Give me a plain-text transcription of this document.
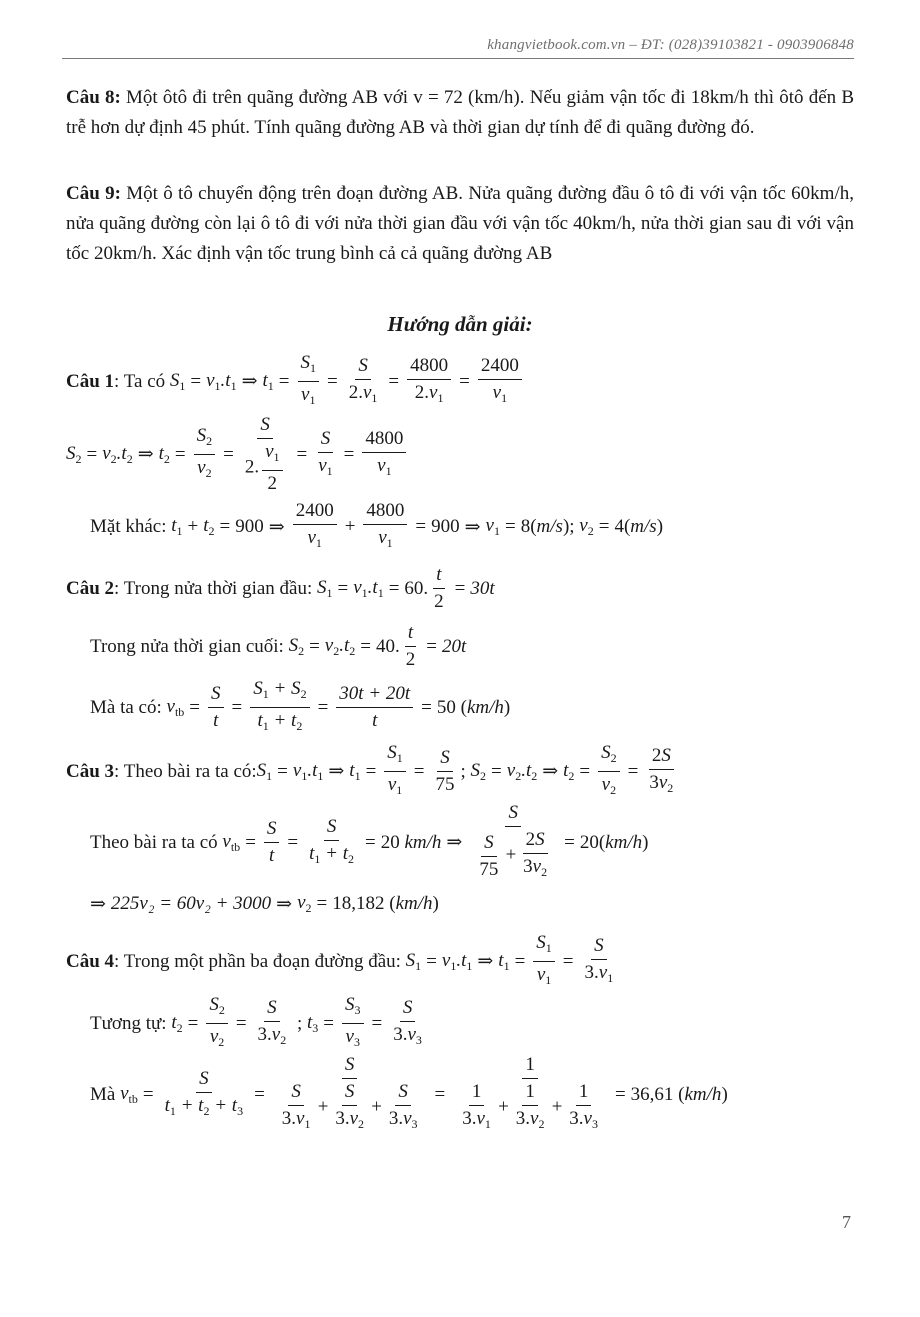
khangvietbook.com.vn – ĐT: (028)39103821 - 0903906848
Câu 8: Một ôtô đi trên quãng đường AB với v = 72 (km/h). Nếu giảm vận tốc đi 18km/h thì ôtô đến B trễ hơn dự định 45 phút. Tính quãng đường AB và thời gian dự tính để đi quãng đường đó.
Câu 9: Một ô tô chuyển động trên đoạn đường AB. Nửa quãng đường đầu ô tô đi với vận tốc 60km/h, nửa quãng đường còn lại ô tô đi với nửa thời gian đầu với vận tốc 40km/h, nửa thời gian sau đi với vận tốc 20km/h. Xác định vận tốc trung bình cả cả quãng đường AB
Hướng dẫn giải:
Câu 1 : Ta có
$S_1 = v_1.t_1$ ⇒ $t_1 = \frac{S_1}{v_1} = \frac{S}{2.v_1} = \frac{4800}{2.v_1} = \frac{2400}{v_1}$
$S_2 = v_2.t_2$ ⇒ $t_2 = \frac{S_2}{v_2} = \frac{S}{2. \frac{v_1}{2}} = \frac{S}{v_1} = \frac{4800}{v_1}$
Mặt khác:
$t_1 + t_2 = 900$ ⇒ $\frac{2400}{v_1} + \frac{4800}{v_1} = 900$ ⇒ $v_1 = 8$ ( m/s ); $v_2 = 4$ ( m/s )
Câu 2 : Trong nửa thời gian đầu:
$S_1 = v_1.t_1 = 60$ . $\frac{t}{2} = 30t$
Trong nửa thời gian cuối:
$S_2 = v_2.t_2 = 40$ . $\frac{t}{2} = 20t$
Mà ta có:
$v_{tb} = \frac{S}{t} = \frac{S_1 + S_2}{t_1 + t_2} = \frac{30t + 20t}{t} = 50$ ( km/h )
Câu 3 : Theo bài ra ta có: $S_1 = v_1.t_1$ ⇒ $t_1 = \frac{S_1}{v_1} = \frac{S}{75}$ ; $S_2 = v_2.t_2$ ⇒ $t_2 = \frac{S_2}{v_2} = \frac{2S}{3v_2}$
Theo bài ra ta có
$v_{tb} = \frac{S}{t} = \frac{S}{t_1 + t_2} = 20$
km/h ⇒ $\frac{S}{\frac{S}{75} + \frac{2S}{3v_2}} = 20$ ( km/h )
⇒ 225v₂ = 60v₂ + 3000 ⇒ $v_2 = 18,182$ ( km/h )
Câu 4 : Trong một phần ba đoạn đường đầu:
$S_1 = v_1.t_1$ ⇒ $t_1 = \frac{S_1}{v_1} = \frac{S}{3.v_1}$
Tương tự:
$t_2 = \frac{S_2}{v_2} = \frac{S}{3.v_2}$ ; $t_3 = \frac{S_3}{v_3} = \frac{S}{3.v_3}$
Mà
$v_{tb} = \frac{S}{t_1 + t_2 + t_3} = \frac{S}{\frac{S}{3.v_1} + \frac{S}{3.v_2} + \frac{S}{3.v_3}} = \frac{1}{\frac{1}{3.v_1} + \frac{1}{3.v_2} + \frac{1}{3.v_3}} = 36,61$ ( km/h )
7
